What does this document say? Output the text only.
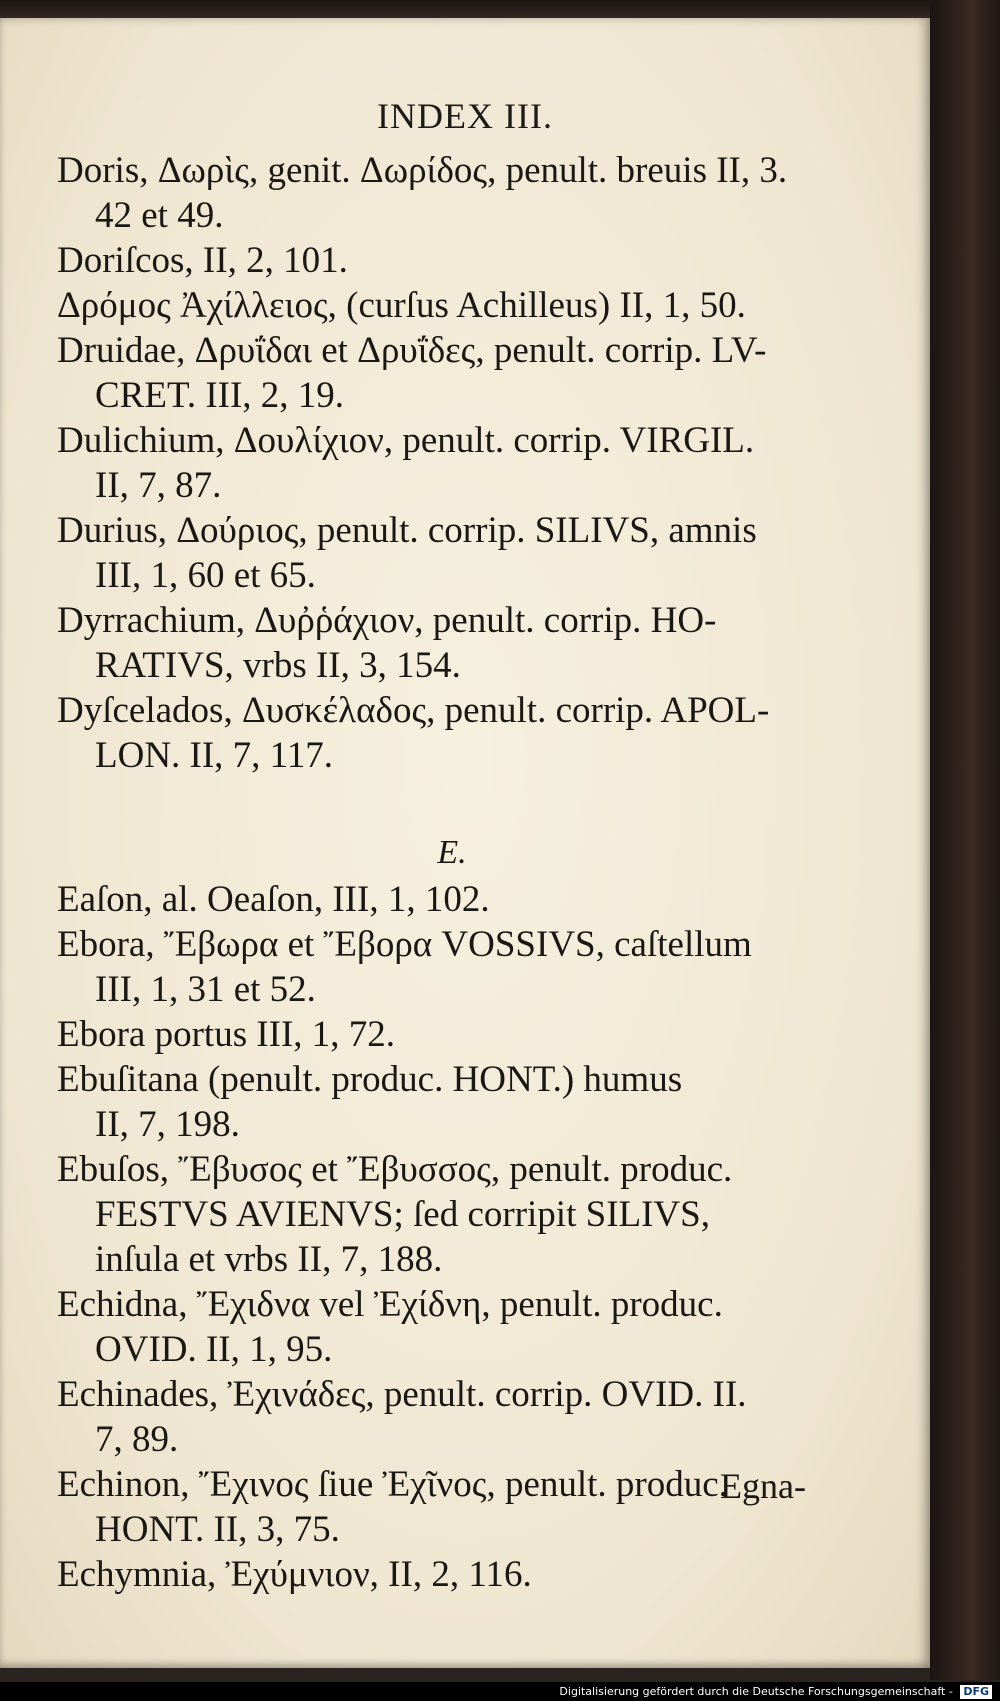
INDEX III.

Doris, Δωρὶς, genit. Δωρίδος, penult. breuis II, 3.
42 et 49.

Doriſcos, II, 2, 101.

Δρόμος Ἀχίλλειος, (curſus Achilleus) II, 1, 50.

Druidae, Δρυΐδαι et Δρυΐδες, penult. corrip. LV-
CRET. III, 2, 19.

Dulichium, Δουλίχιον, penult. corrip. VIRGIL.
II, 7, 87.

Durius, Δούριος, penult. corrip. SILIVS, amnis
III, 1, 60 et 65.

Dyrrachium, Δυῤῥάχιον, penult. corrip. HO-
RATIVS, vrbs II, 3, 154.

Dyſcelados, Δυσκέλαδος, penult. corrip. APOL-
LON. II, 7, 117.

E.

Eaſon, al. Oeaſon, III, 1, 102.

Ebora, Ἔβωρα et Ἔβορα VOSSIVS, caſtellum
III, 1, 31 et 52.

Ebora portus III, 1, 72.

Ebuſitana (penult. produc. HONT.) humus
II, 7, 198.

Ebuſos, Ἔβυσος et Ἔβυσσος, penult. produc.
FESTVS AVIENVS; ſed corripit SILIVS,
inſula et vrbs II, 7, 188.

Echidna, Ἔχιδνα vel Ἐχίδνη, penult. produc.
OVID. II, 1, 95.

Echinades, Ἐχινάδες, penult. corrip. OVID. II.
7, 89.

Echinon, Ἔχινος ſiue Ἐχῖνος, penult. produc.
HONT. II, 3, 75.

Echymnia, Ἐχύμνιον, II, 2, 116.

Egna-
Digitalisierung gefördert durch die Deutsche Forschungsgemeinschaft - DFG
